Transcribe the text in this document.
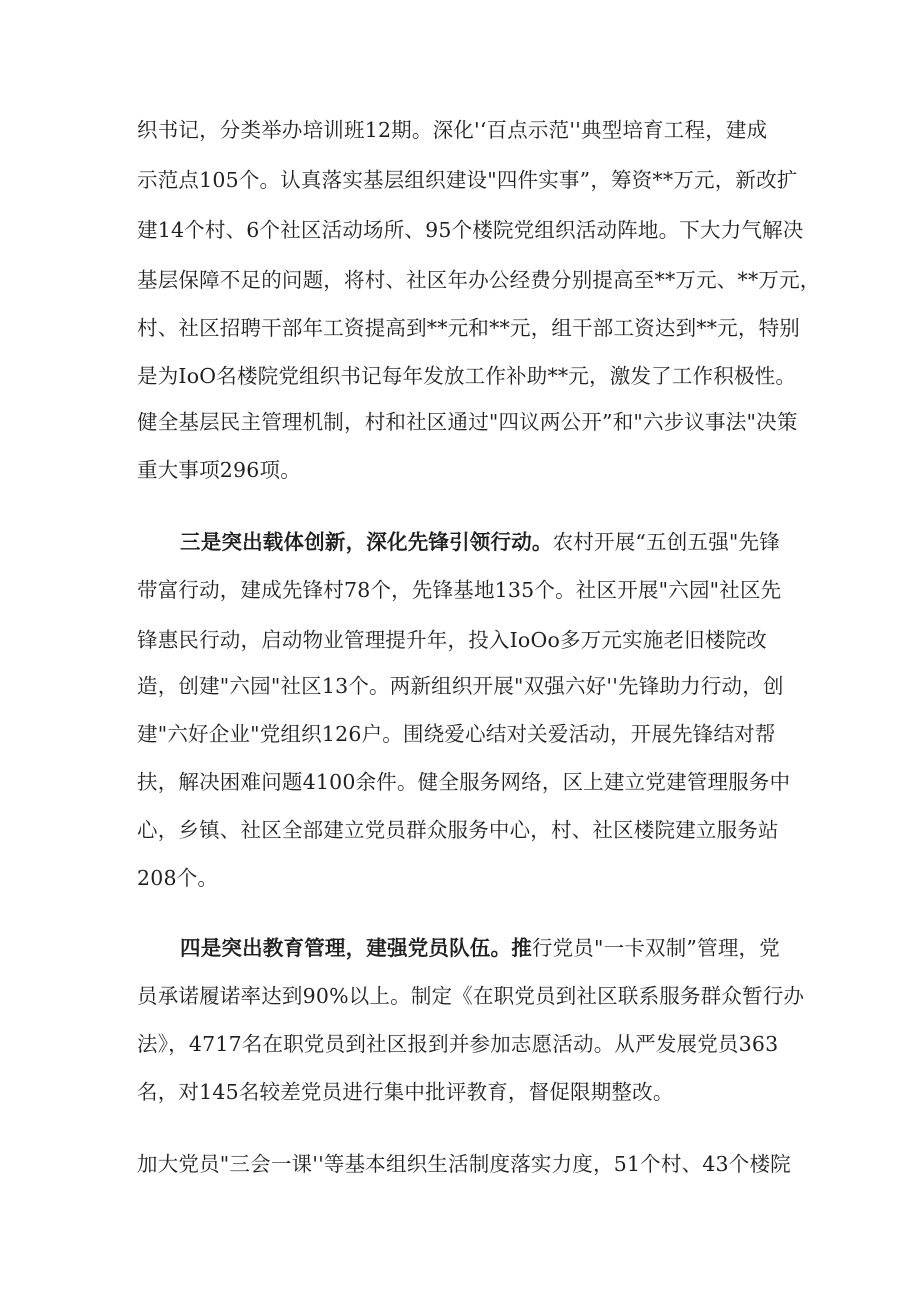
织书记，分类举办培训班12期。深化'‘百点示范''典型培育工程，建成
示范点105个。认真落实基层组织建设"四件实事”，筹资**万元，新改扩
建14个村、6个社区活动场所、95个楼院党组织活动阵地。下大力气解决
基层保障不足的问题，将村、社区年办公经费分别提高至**万元、**万元，
村、社区招聘干部年工资提高到**元和**元，组干部工资达到**元，特别
是为IoO名楼院党组织书记每年发放工作补助**元，激发了工作积极性。
健全基层民主管理机制，村和社区通过"四议两公开”和"六步议事法"决策
重大事项296项。
三是突出载体创新，深化先锋引领行动。农村开展“五创五强"先锋
带富行动，建成先锋村78个，先锋基地135个。社区开展"六园"社区先
锋惠民行动，启动物业管理提升年，投入IoOo多万元实施老旧楼院改
造，创建"六园"社区13个。两新组织开展"双强六好''先锋助力行动，创
建"六好企业"党组织126户。围绕爱心结对关爱活动，开展先锋结对帮
扶，解决困难问题4100余件。健全服务网络，区上建立党建管理服务中
心，乡镇、社区全部建立党员群众服务中心，村、社区楼院建立服务站
208个。
四是突出教育管理，建强党员队伍。推行党员"一卡双制”管理，党
员承诺履诺率达到90%以上。制定《在职党员到社区联系服务群众暂行办
法》，4717名在职党员到社区报到并参加志愿活动。从严发展党员363
名，对145名较差党员进行集中批评教育，督促限期整改。
加大党员"三会一课''等基本组织生活制度落实力度，51个村、43个楼院
